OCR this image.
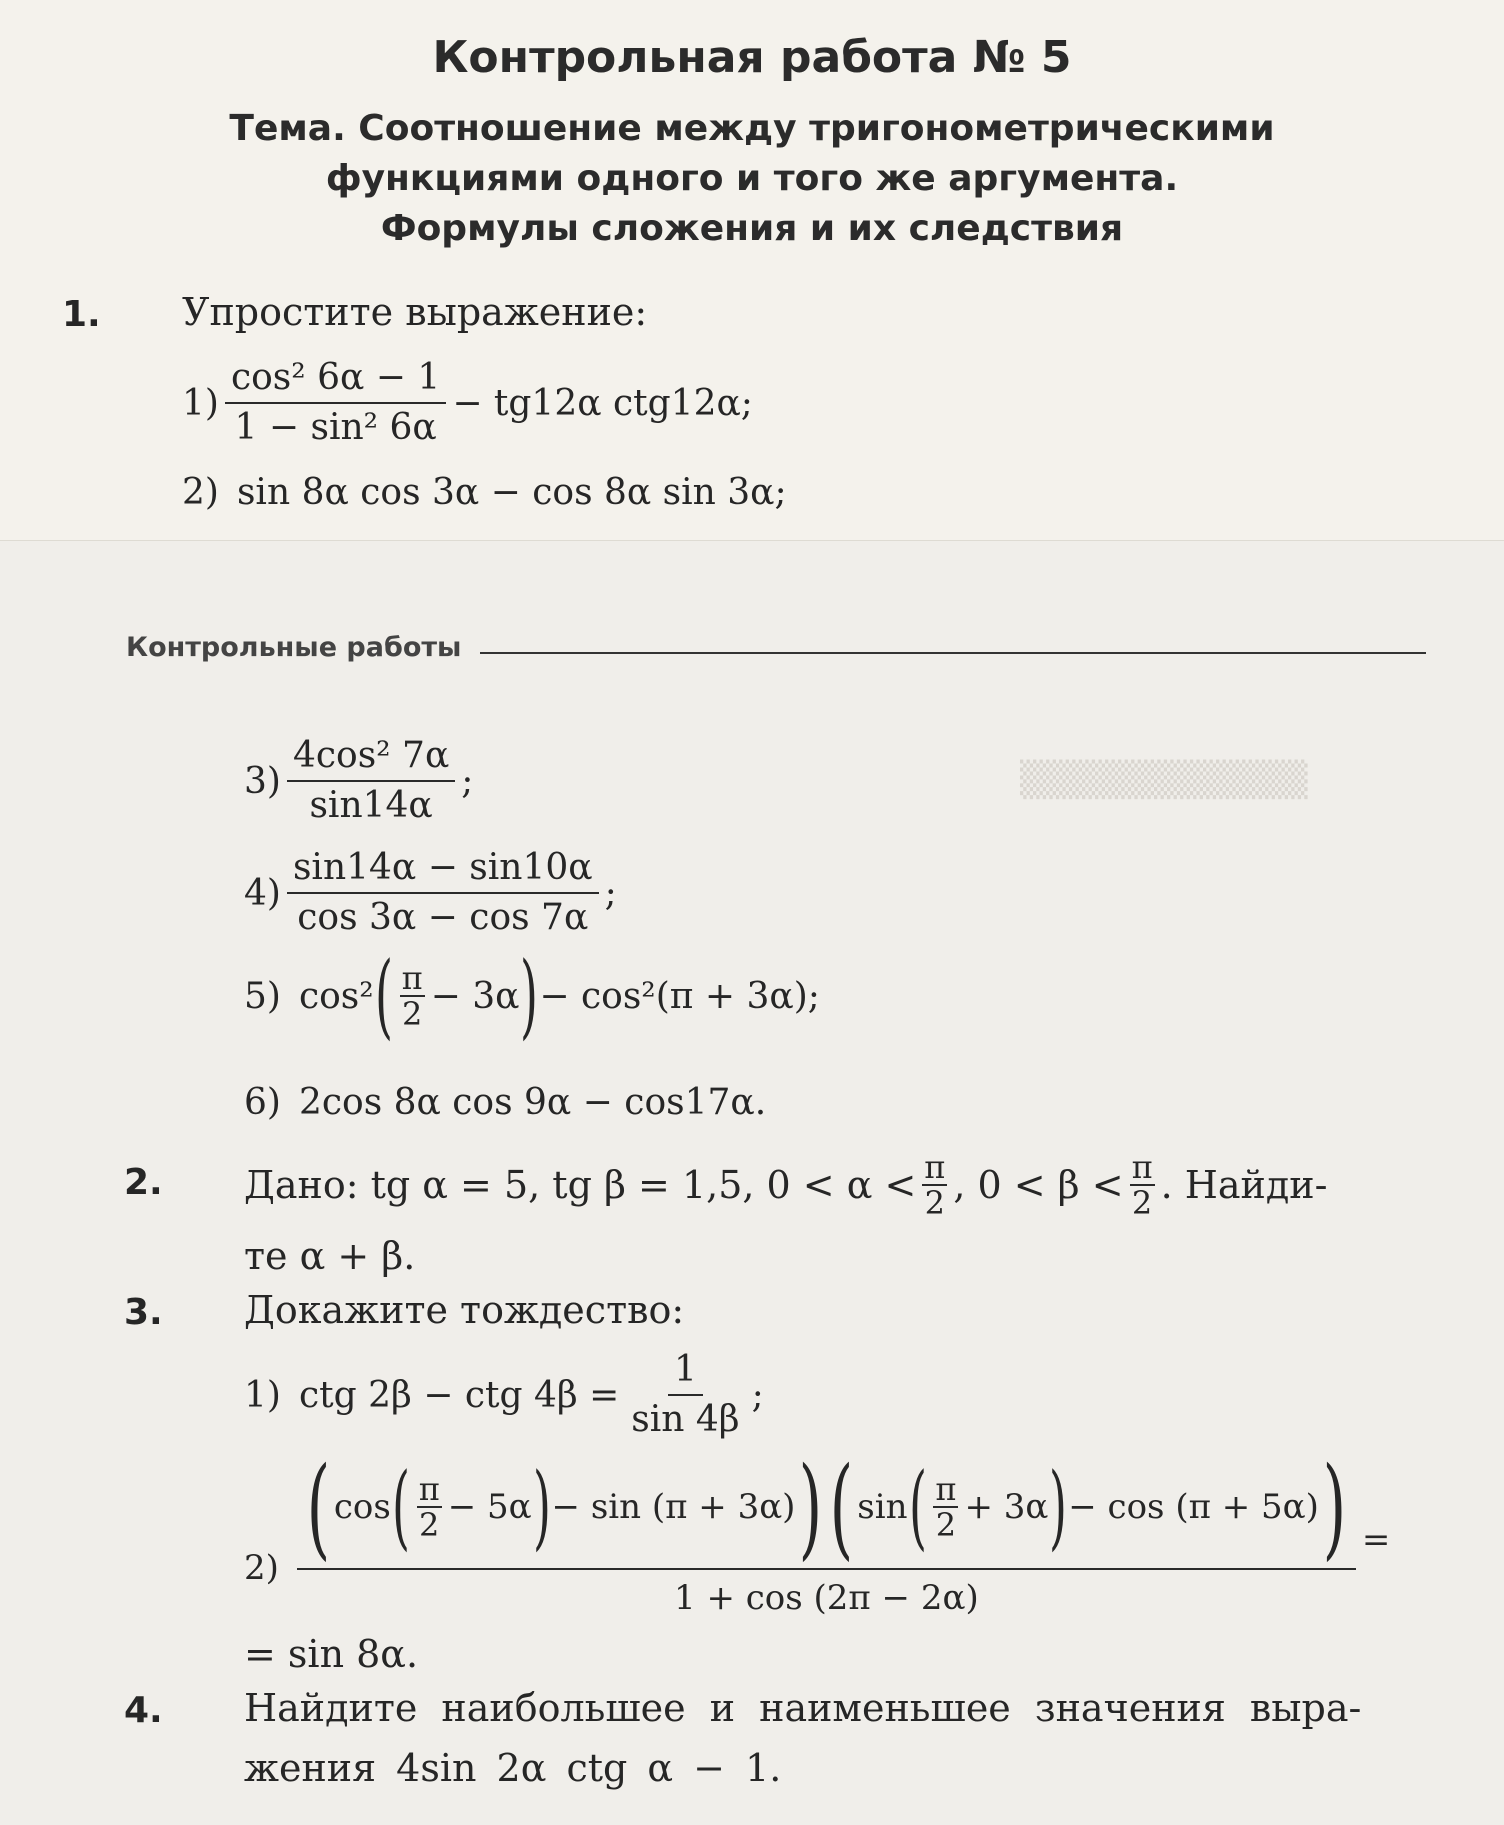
▒▒▒▒▒▒▒▒▒▒▒
Контрольная работа № 5
Тема. Соотношение между тригонометрическими
функциями одного и того же аргумента.
Формулы сложения и их следствия
1. Упростите выражение:
$1) \frac{\text{cos² 6α − 1}}{\text{1 − sin² 6α}} - tg12\alpha$ ctg12α;
2) sin 8α cos 3α − cos 8α sin 3α;
Контрольные работы
$3) \frac{\text{4cos² 7α}}{\sin 14\alpha}$ ;
$4) \frac{\sin 14\alpha - \sin 10\alpha}{\cos 3\alpha - \cos 7\alpha}$ ;
5) cos² ( $\frac{\pi}{2} - 3\alpha$ ) − cos²(π + 3α);
6) 2cos 8α cos 9α − cos17α.
2. Дано: tg α = 5, tg β = 1,5, $0 < \alpha < \frac{\pi}{2}$ , $0 < \beta < \frac{\pi}{2}$ . Найди-
те α + β.
3. Докажите тождество:
1) ctg 2β − ctg $4\beta = \frac{1}{\sin 4\beta}$ ;
2) ( cos ( $\frac{\pi}{2} - 5\alpha$ ) − sin (π + 3α) ) ( sin ( $\frac{\pi}{2} + 3\alpha$ ) − cos (π + 5α) )
1 + cos (2π − 2α)
=
= sin 8α.
4. Найдите наибольшее и наименьшее значения выра-
жения 4sin 2α ctg α − 1.
